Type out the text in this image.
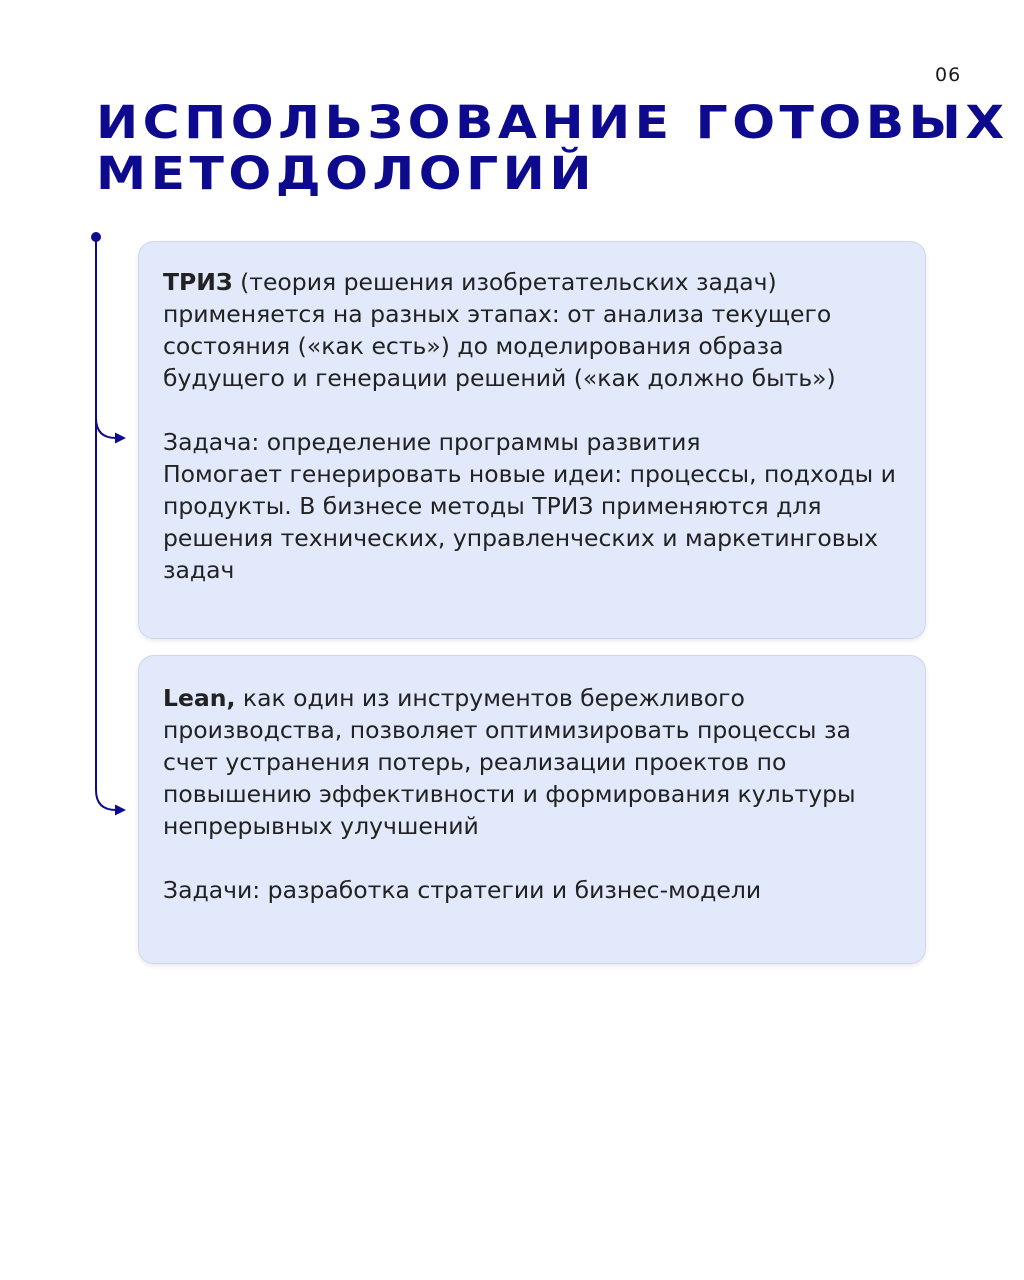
06
ИСПОЛЬЗОВАНИЕ ГОТОВЫХ
МЕТОДОЛОГИЙ

ТРИЗ (теория решения изобретательских задач) применяется на разных этапах: от анализа текущего состояния («как есть») до моделирования образа будущего и генерации решений («как должно быть»)

Задача: определение программы развития

Помогает генерировать новые идеи: процессы, подходы и продукты. В бизнесе методы ТРИЗ применяются для решения технических, управленческих и маркетинговых задач

Lean, как один из инструментов бережливого производства, позволяет оптимизировать процессы за счет устранения потерь, реализации проектов по повышению эффективности и формирования культуры непрерывных улучшений

Задачи: разработка стратегии и бизнес-модели
